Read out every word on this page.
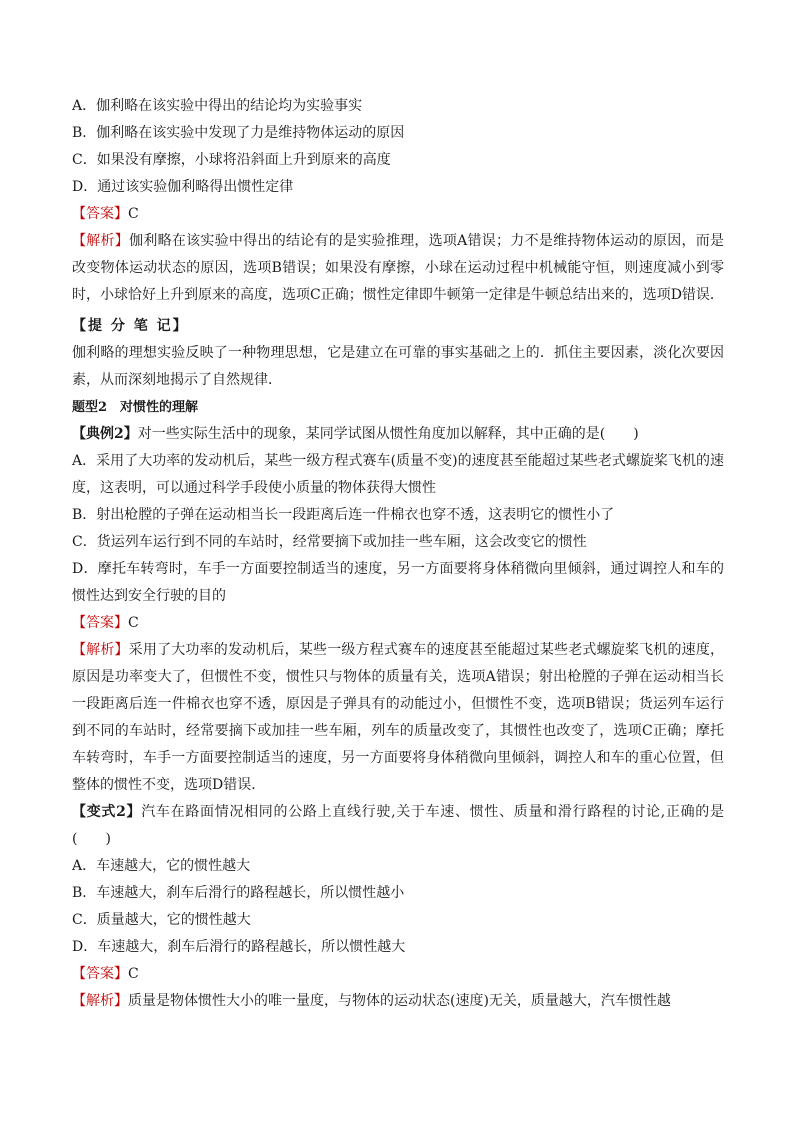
A．伽利略在该实验中得出的结论均为实验事实
B．伽利略在该实验中发现了力是维持物体运动的原因
C．如果没有摩擦，小球将沿斜面上升到原来的高度
D．通过该实验伽利略得出惯性定律
【答案】C
【解析】伽利略在该实验中得出的结论有的是实验推理，选项A错误；力不是维持物体运动的原因，而是改变物体运动状态的原因，选项B错误；如果没有摩擦，小球在运动过程中机械能守恒，则速度减小到零时，小球恰好上升到原来的高度，选项C正确；惯性定律即牛顿第一定律是牛顿总结出来的，选项D错误．
【提 分 笔 记】
伽利略的理想实验反映了一种物理思想，它是建立在可靠的事实基础之上的．抓住主要因素，淡化次要因素，从而深刻地揭示了自然规律．
题型2　对惯性的理解
【典例2】对一些实际生活中的现象，某同学试图从惯性角度加以解释，其中正确的是(　　)
A．采用了大功率的发动机后，某些一级方程式赛车(质量不变)的速度甚至能超过某些老式螺旋桨飞机的速度，这表明，可以通过科学手段使小质量的物体获得大惯性
B．射出枪膛的子弹在运动相当长一段距离后连一件棉衣也穿不透，这表明它的惯性小了
C．货运列车运行到不同的车站时，经常要摘下或加挂一些车厢，这会改变它的惯性
D．摩托车转弯时，车手一方面要控制适当的速度，另一方面要将身体稍微向里倾斜，通过调控人和车的惯性达到安全行驶的目的
【答案】C
【解析】采用了大功率的发动机后，某些一级方程式赛车的速度甚至能超过某些老式螺旋桨飞机的速度，原因是功率变大了，但惯性不变，惯性只与物体的质量有关，选项A错误；射出枪膛的子弹在运动相当长一段距离后连一件棉衣也穿不透，原因是子弹具有的动能过小，但惯性不变，选项B错误；货运列车运行到不同的车站时，经常要摘下或加挂一些车厢，列车的质量改变了，其惯性也改变了，选项C正确；摩托车转弯时，车手一方面要控制适当的速度，另一方面要将身体稍微向里倾斜，调控人和车的重心位置，但整体的惯性不变，选项D错误．
【变式2】汽车在路面情况相同的公路上直线行驶,关于车速、惯性、质量和滑行路程的讨论,正确的是(　　)
A．车速越大，它的惯性越大
B．车速越大，刹车后滑行的路程越长，所以惯性越小
C．质量越大，它的惯性越大
D．车速越大，刹车后滑行的路程越长，所以惯性越大
【答案】C
【解析】质量是物体惯性大小的唯一量度，与物体的运动状态(速度)无关，质量越大，汽车惯性越
